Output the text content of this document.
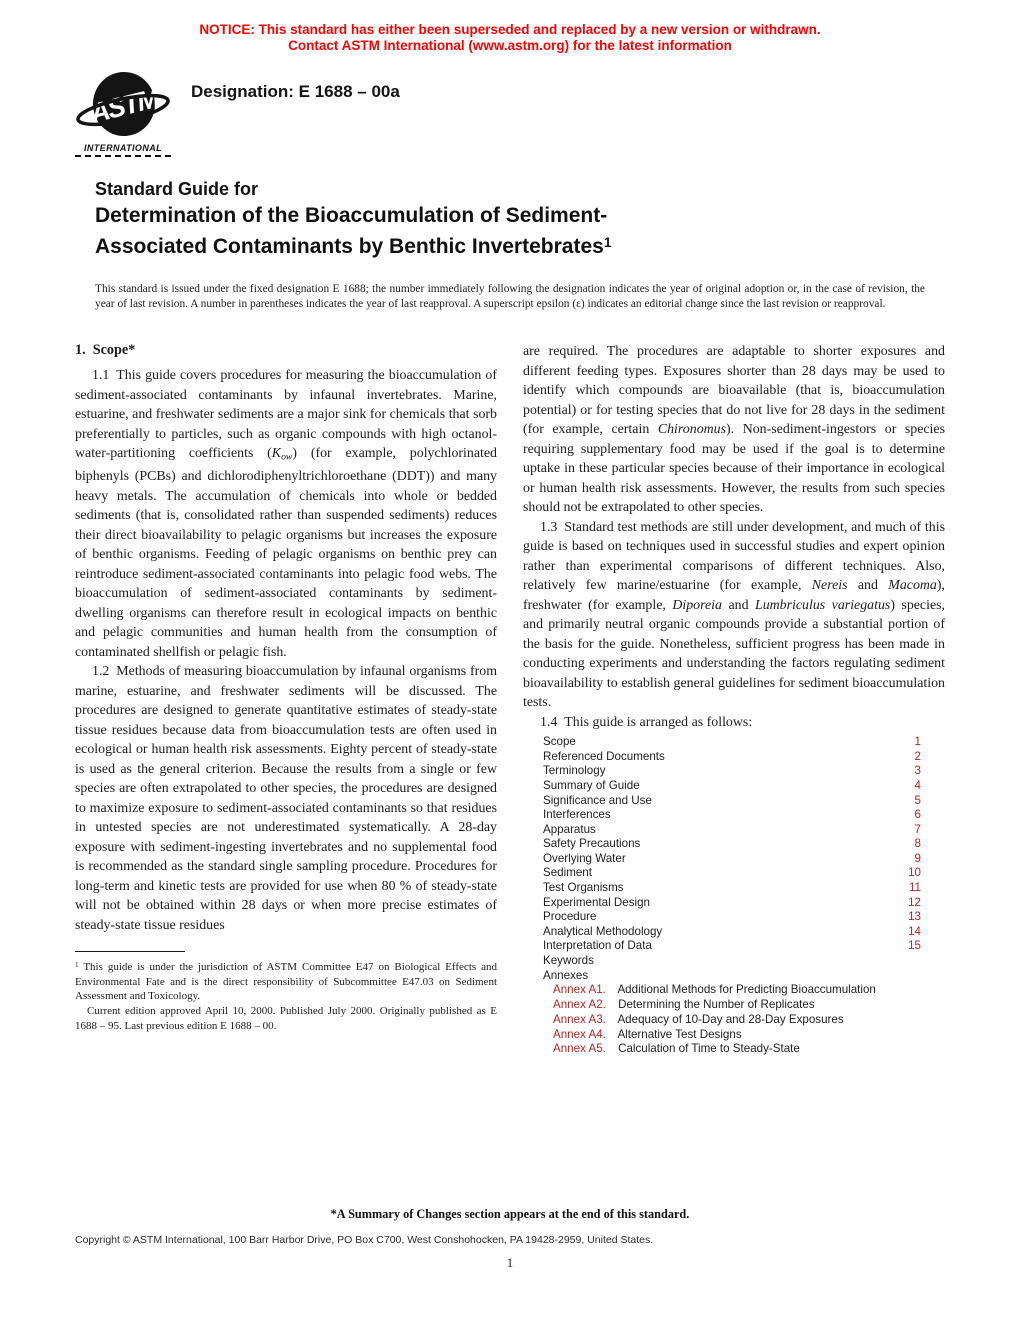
NOTICE: This standard has either been superseded and replaced by a new version or withdrawn.
Contact ASTM International (www.astm.org) for the latest information
ASTM
INTERNATIONAL
Designation: E 1688 – 00a
Standard Guide for
Determination of the Bioaccumulation of Sediment-
Associated Contaminants by Benthic Invertebrates$^1$
This standard is issued under the fixed designation E 1688; the number immediately following the designation indicates the year of original adoption or, in the case of revision, the year of last revision. A number in parentheses indicates the year of last reapproval. A superscript epsilon (ε) indicates an editorial change since the last revision or reapproval.
1. Scope*

1.1 This guide covers procedures for measuring the bioaccumulation of sediment-associated contaminants by infaunal invertebrates. Marine, estuarine, and freshwater sediments are a major sink for chemicals that sorb preferentially to particles, such as organic compounds with high octanol-water-partitioning coefficients $(K_{ow})$ (for example, polychlorinated biphenyls (PCBs) and dichlorodiphenyltrichloroethane (DDT)) and many heavy metals. The accumulation of chemicals into whole or bedded sediments (that is, consolidated rather than suspended sediments) reduces their direct bioavailability to pelagic organisms but increases the exposure of benthic organisms. Feeding of pelagic organisms on benthic prey can reintroduce sediment-associated contaminants into pelagic food webs. The bioaccumulation of sediment-associated contaminants by sediment-dwelling organisms can therefore result in ecological impacts on benthic and pelagic communities and human health from the consumption of contaminated shellfish or pelagic fish.

1.2 Methods of measuring bioaccumulation by infaunal organisms from marine, estuarine, and freshwater sediments will be discussed. The procedures are designed to generate quantitative estimates of steady-state tissue residues because data from bioaccumulation tests are often used in ecological or human health risk assessments. Eighty percent of steady-state is used as the general criterion. Because the results from a single or few species are often extrapolated to other species, the procedures are designed to maximize exposure to sediment-associated contaminants so that residues in untested species are not underestimated systematically. A 28-day exposure with sediment-ingesting invertebrates and no supplemental food is recommended as the standard single sampling procedure. Procedures for long-term and kinetic tests are provided for use when 80 % of steady-state will not be obtained within 28 days or when more precise estimates of steady-state tissue residues

$^1$ This guide is under the jurisdiction of ASTM Committee E47 on Biological Effects and Environmental Fate and is the direct responsibility of Subcommittee E47.03 on Sediment Assessment and Toxicology.

Current edition approved April 10, 2000. Published July 2000. Originally published as E 1688 – 95. Last previous edition E 1688 – 00.

are required. The procedures are adaptable to shorter exposures and different feeding types. Exposures shorter than 28 days may be used to identify which compounds are bioavailable (that is, bioaccumulation potential) or for testing species that do not live for 28 days in the sediment (for example, certain Chironomus). Non-sediment-ingestors or species requiring supplementary food may be used if the goal is to determine uptake in these particular species because of their importance in ecological or human health risk assessments. However, the results from such species should not be extrapolated to other species.

1.3 Standard test methods are still under development, and much of this guide is based on techniques used in successful studies and expert opinion rather than experimental comparisons of different techniques. Also, relatively few marine/estuarine (for example, Nereis and Macoma), freshwater (for example, Diporeia and Lumbriculus variegatus) species, and primarily neutral organic compounds provide a substantial portion of the basis for the guide. Nonetheless, sufficient progress has been made in conducting experiments and understanding the factors regulating sediment bioavailability to establish general guidelines for sediment bioaccumulation tests.

1.4 This guide is arranged as follows:

Scope	1
Referenced Documents	2
Terminology	3
Summary of Guide	4
Significance and Use	5
Interferences	6
Apparatus	7
Safety Precautions	8
Overlying Water	9
Sediment	10
Test Organisms	11
Experimental Design	12
Procedure	13
Analytical Methodology	14
Interpretation of Data	15
Keywords
Annexes
Annex A1. Additional Methods for Predicting Bioaccumulation
Annex A2. Determining the Number of Replicates
Annex A3. Adequacy of 10-Day and 28-Day Exposures
Annex A4. Alternative Test Designs
Annex A5. Calculation of Time to Steady-State
*A Summary of Changes section appears at the end of this standard.
Copyright © ASTM International, 100 Barr Harbor Drive, PO Box C700, West Conshohocken, PA 19428-2959, United States.
1
